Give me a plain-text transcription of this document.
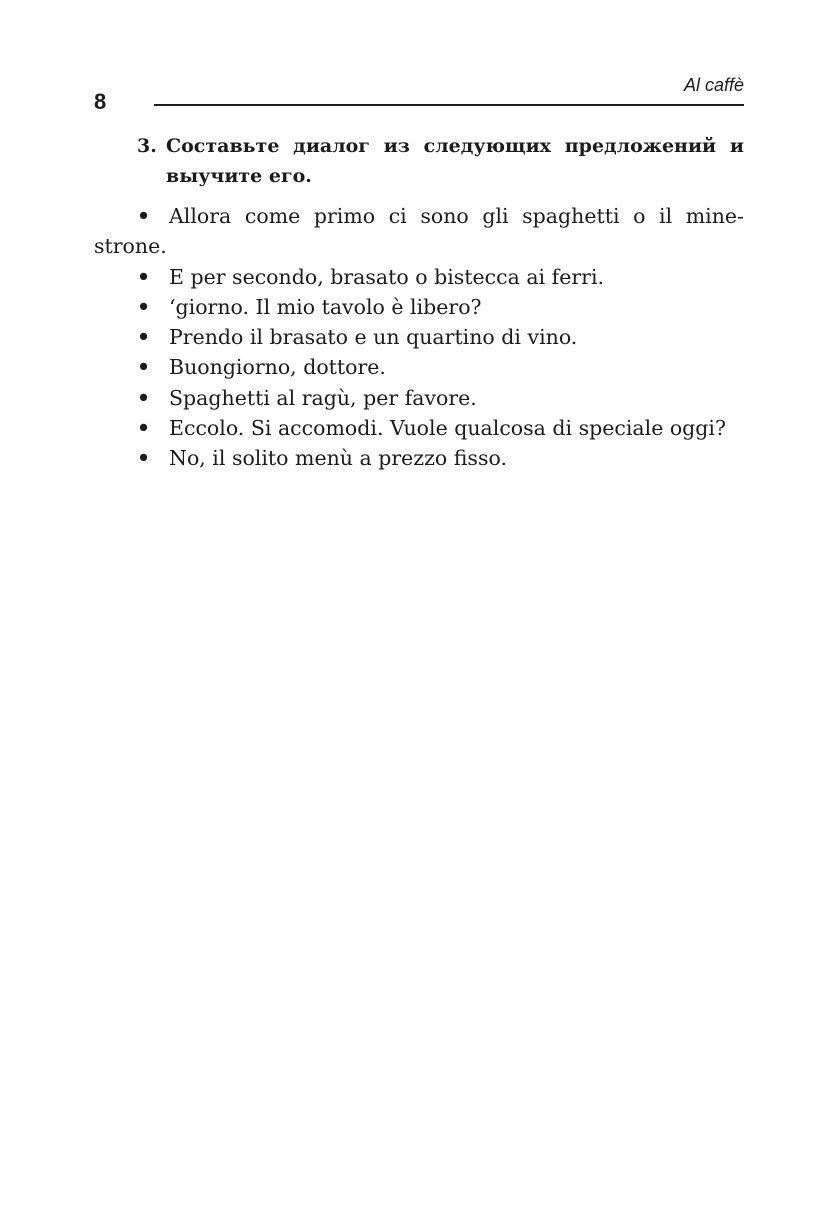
8
Al caffè
3. Составьте диалог из следующих предложений и выучите его.
• Allora come primo ci sono gli spaghetti o il mine-strone.
• E per secondo, brasato o bistecca ai ferri.
• ‘giorno. Il mio tavolo è libero?
• Prendo il brasato e un quartino di vino.
• Buongiorno, dottore.
• Spaghetti al ragù, per favore.
• Eccolo. Si accomodi. Vuole qualcosa di speciale oggi?
• No, il solito menù a prezzo fisso.
